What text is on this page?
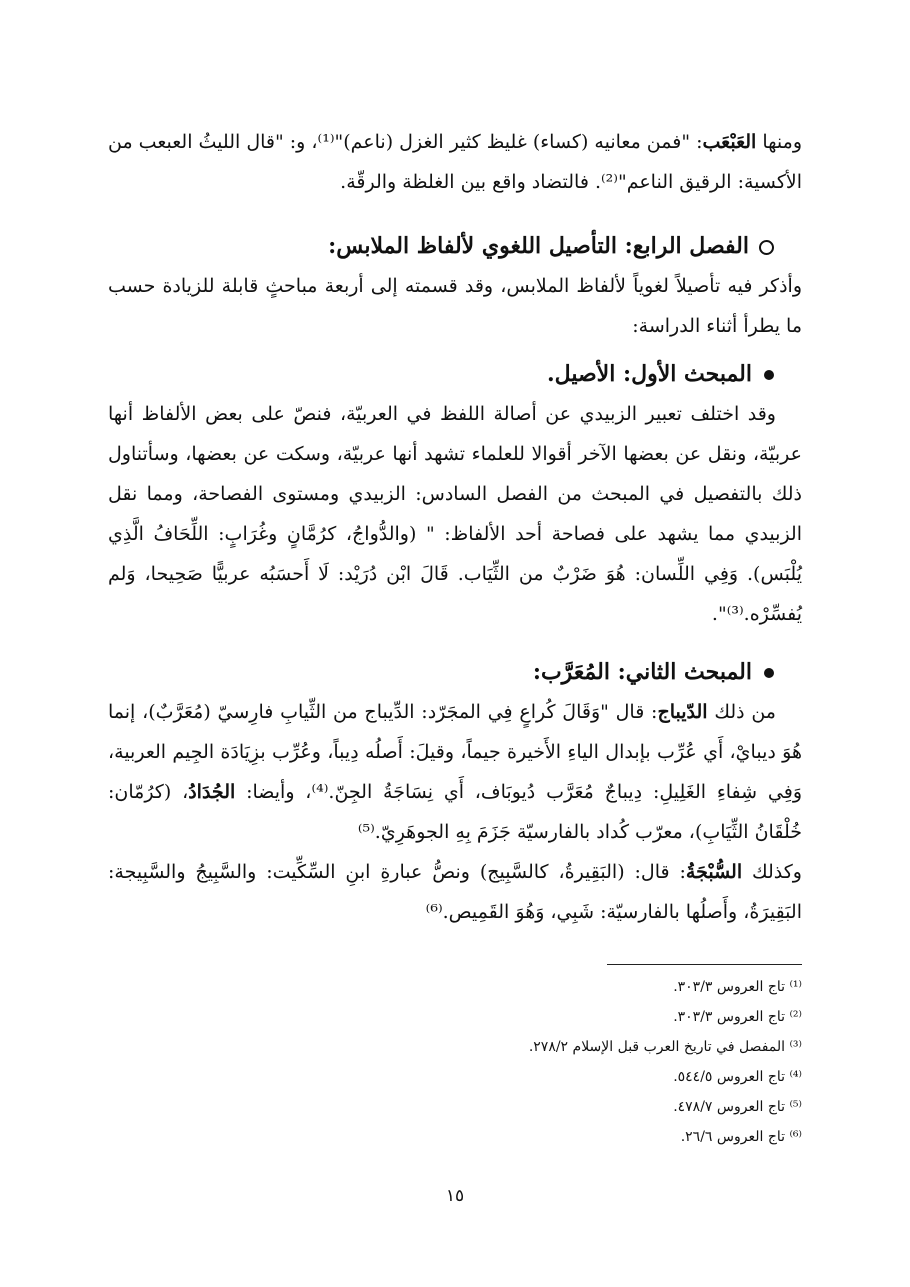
ومنها العَبْعَب: "فمن معانيه (كساء) غليظ كثير الغزل (ناعم)"⁽¹⁾، و: "قال الليثُ العبعب من الأكسية: الرقيق الناعم"⁽²⁾. فالتضاد واقع بين الغلظة والرقّة.

الفصل الرابع: التأصيل اللغوي لألفاظ الملابس:

وأذكر فيه تأصيلاً لغوياً لألفاظ الملابس، وقد قسمته إلى أربعة مباحثٍ قابلة للزيادة حسب ما يطرأ أثناء الدراسة:

المبحث الأول: الأصيل.

وقد اختلف تعبير الزبيدي عن أصالة اللفظ في العربيّة، فنصّ على بعض الألفاظ أنها عربيّة، ونقل عن بعضها الآخر أقوالا للعلماء تشهد أنها عربيّة، وسكت عن بعضها، وسأتناول ذلك بالتفصيل في المبحث من الفصل السادس: الزبيدي ومستوى الفصاحة، ومما نقل الزبيدي مما يشهد على فصاحة أحد الألفاظ: " (والدُّواجُ، كرُمَّانٍ وغُرَابٍ: اللِّحَافُ الَّذِي يُلْبَس). وَفِي اللِّسان: هُوَ ضَرْبٌ من الثِّيَاب. قَالَ ابْن دُرَيْد: لَا أَحسَبُه عربيًّا صَحِيحا، وَلم يُفسِّرْه.⁽³⁾".

المبحث الثاني: المُعَرَّب:

من ذلك الدّيباج: قال "وَقَالَ كُراعٍ فِي المجَرّد: الدِّيباج من الثِّيابِ فارِسيّ (مُعَرَّبٌ)، إنما هُوَ ديبايْ، أَي عُرِّب بإبدال الياءِ الأَخيرة جيماً، وقيلَ: أَصلُه دِيباً، وعُرِّب بزِيَادَة الجِيم العربية، وَفِي شِفاءِ الغَلِيلِ: دِيباجٌ مُعَرَّب دُيوبَاف، أَي نِسَاجَةُ الجِنّ.⁽⁴⁾، وأيضا: الجُدَادُ، (كرُمّان: خُلْقَانُ الثِّيَابِ)، معرّب كُداد بالفارسيّة جَزَمَ بِهِ الجوهَرِيّ.⁽⁵⁾

وكذلك السُّبْجَةُ: قال: (البَقِيرةُ، كالسَّبِيج) ونصُّ عبارةِ ابنِ السِّكِّيت: والسَّبِيجُ والسَّبِيجة: البَقِيرَةُ، وأَصلُها بالفارسيّة: شَبِي، وَهُوَ القَمِيص.⁽⁶⁾

⁽¹⁾ تاج العروس ٣٠٣/٣.

⁽²⁾ تاج العروس ٣٠٣/٣.

⁽³⁾ المفصل في تاريخ العرب قبل الإسلام ٢٧٨/٢.

⁽⁴⁾ تاج العروس ٥٤٤/٥.

⁽⁵⁾ تاج العروس ٤٧٨/٧.

⁽⁶⁾ تاج العروس ٢٦/٦.

١٥
